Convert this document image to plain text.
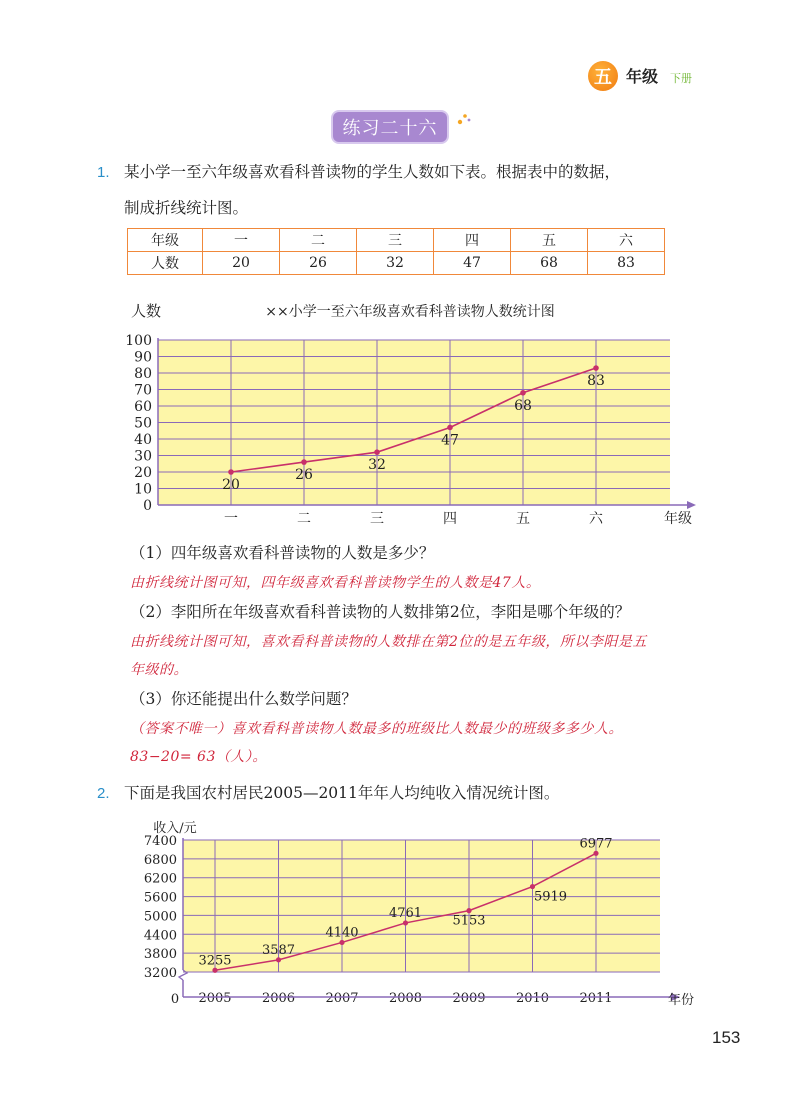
五 年级 下册
练习二十六
1. 某小学一至六年级喜欢看科普读物的学生人数如下表。根据表中的数据，
制成折线统计图。
年级	一	二	三	四	五	六
人数	20	26	32	47	68	83
0
10
20
30
40
50
60
70
80
90
100
一	二	三	四	五	六
人数	××小学一至六年级喜欢看科普读物人数统计图
年级
20
26
32
47
68
83
（1）四年级喜欢看科普读物的人数是多少？
由折线统计图可知，四年级喜欢看科普读物学生的人数是47人。
（2）李阳所在年级喜欢看科普读物的人数排第2位，李阳是哪个年级的？
由折线统计图可知，喜欢看科普读物的人数排在第2位的是五年级，所以李阳是五
年级的。
（3）你还能提出什么数学问题？
（答案不唯一）喜欢看科普读物人数最多的班级比人数最少的班级多多少人。
83−20= 63（人）。
2. 下面是我国农村居民2005—2011年年人均纯收入情况统计图。
3200
3800
4400
5000
5600
6200
6800
7400
2005 2006 2007 2008 2009 2010 2011
0
收入/元
年份
3255
3587
4140
4761
5153
5919
6977
153
